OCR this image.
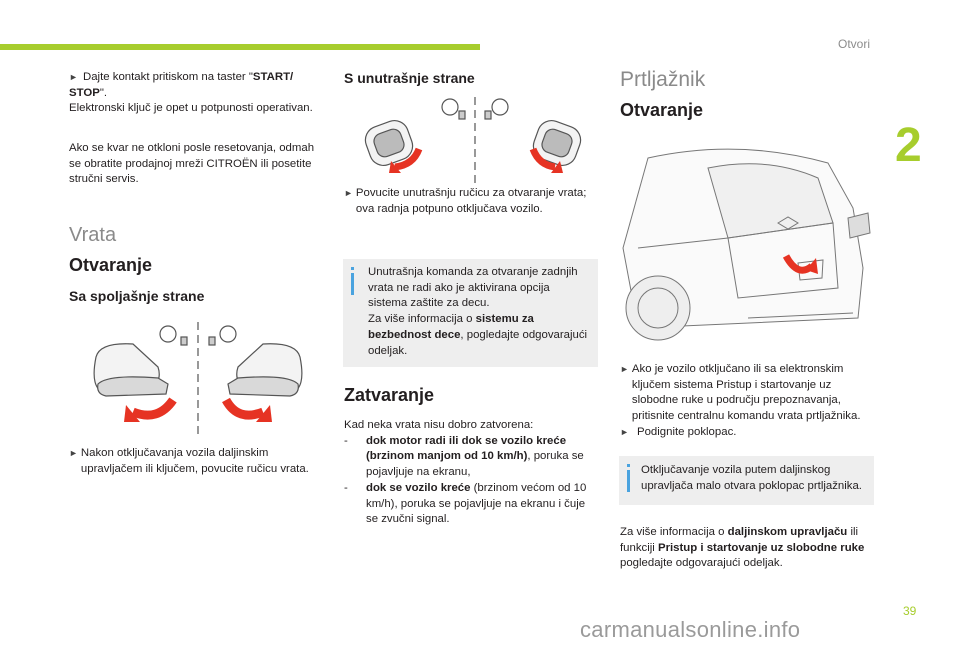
Otvori
2
► Dajte kontakt pritiskom na taster "START/ STOP".
Elektronski ključ je opet u potpunosti operativan.
Ako se kvar ne otkloni posle resetovanja, odmah se obratite prodajnoj mreži CITROËN ili posetite stručni servis.
Vrata
Otvaranje
Sa spoljašnje strane
► Nakon otključavanja vozila daljinskim upravljačem ili ključem, povucite ručicu vrata.
S unutrašnje strane
► Povucite unutrašnju ručicu za otvaranje vrata; ova radnja potpuno otključava vozilo.
Unutrašnja komanda za otvaranje zadnjih vrata ne radi ako je aktivirana opcija sistema zaštite za decu.
Za više informacija o sistemu za bezbednost dece, pogledajte odgovarajući odeljak.
Zatvaranje
Kad neka vrata nisu dobro zatvorena:
-	dok motor radi ili dok se vozilo kreće (brzinom manjom od 10 km/h), poruka se pojavljuje na ekranu,
-	dok se vozilo kreće (brzinom većom od 10 km/h), poruka se pojavljuje na ekranu i čuje se zvučni signal.
Prtljažnik
Otvaranje
► Ako je vozilo otključano ili sa elektronskim ključem sistema Pristup i startovanje uz slobodne ruke u području prepoznavanja, pritisnite centralnu komandu vrata prtljažnika.
► Podignite poklopac.
Otključavanje vozila putem daljinskog upravljača malo otvara poklopac prtljažnika.
Za više informacija o daljinskom upravljaču ili funkciji Pristup i startovanje uz slobodne ruke pogledajte odgovarajući odeljak.
39
carmanualsonline.info
